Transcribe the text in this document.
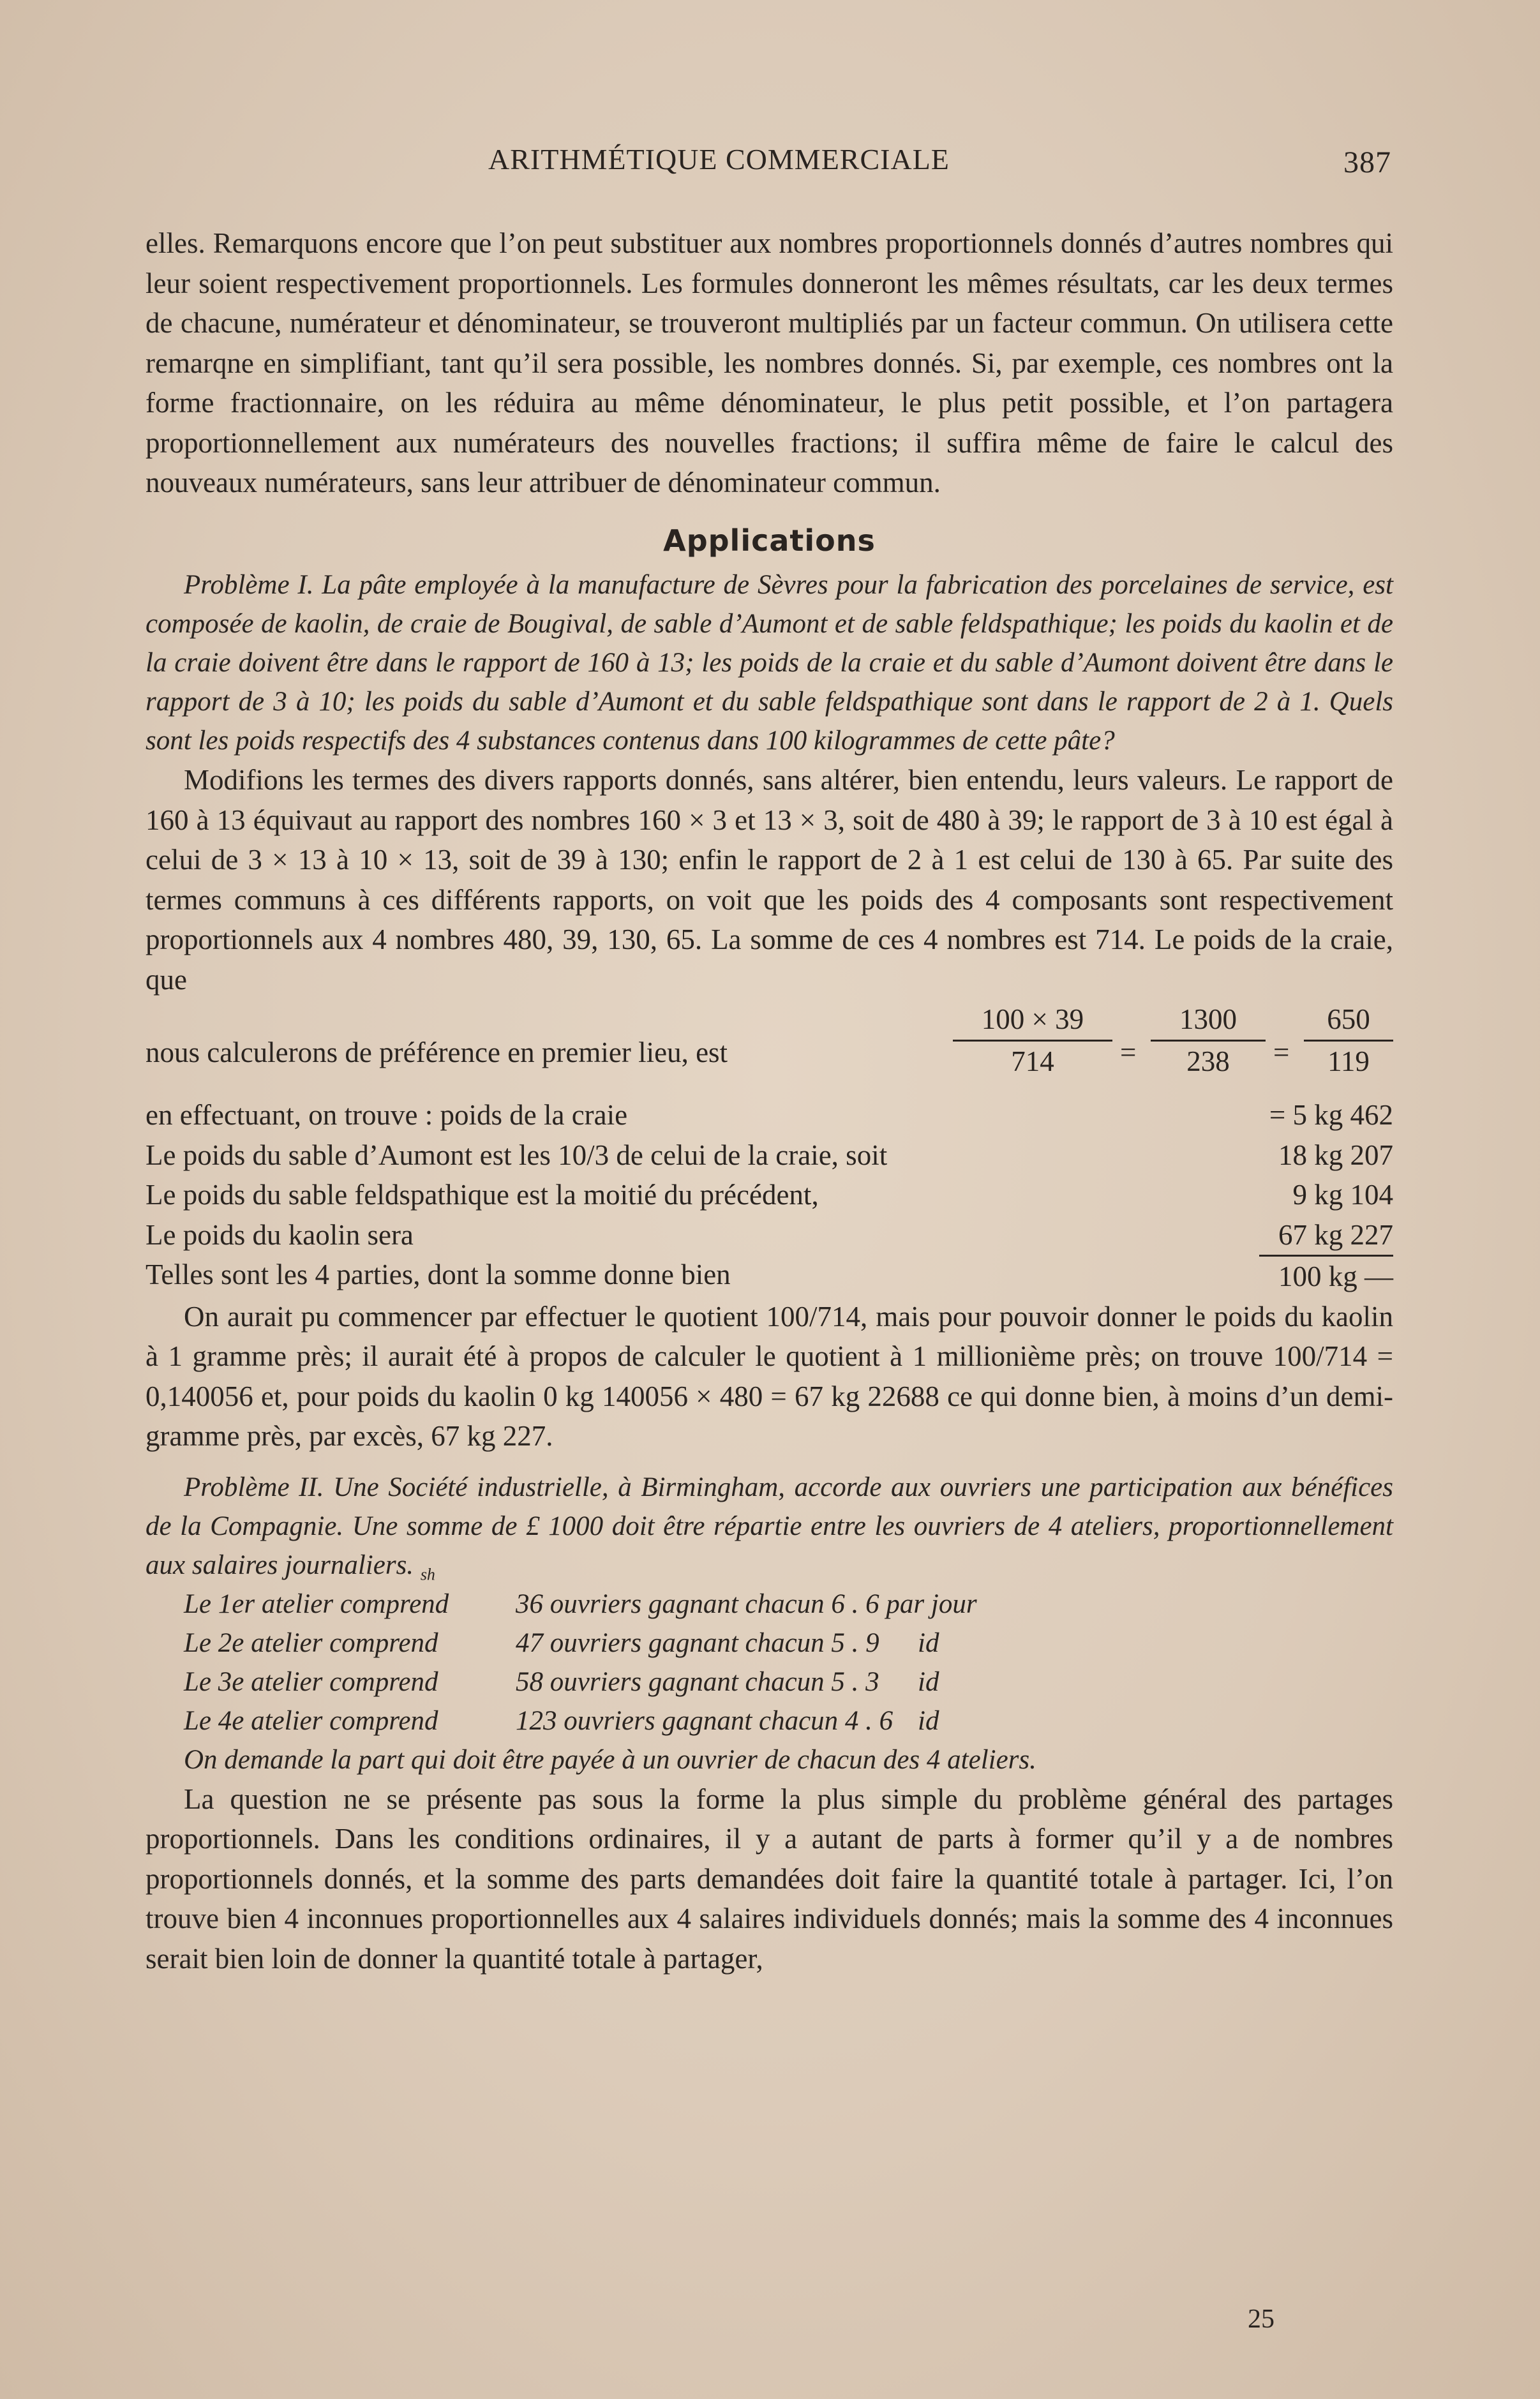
ARITHMÉTIQUE COMMERCIALE	387

elles. Remarquons encore que l’on peut substituer aux nombres proportionnels donnés d’autres nombres qui leur soient respectivement proportionnels. Les formules donneront les mêmes résultats, car les deux termes de chacune, numérateur et dénominateur, se trouveront multipliés par un facteur commun. On utilisera cette remarqne en simplifiant, tant qu’il sera possible, les nombres donnés. Si, par exemple, ces nombres ont la forme fractionnaire, on les réduira au même dénominateur, le plus petit possible, et l’on partagera proportionnellement aux numérateurs des nouvelles fractions; il suffira même de faire le calcul des nouveaux numérateurs, sans leur attribuer de dénominateur commun.

Applications

Problème I. La pâte employée à la manufacture de Sèvres pour la fabrication des porcelaines de service, est composée de kaolin, de craie de Bougival, de sable d’Aumont et de sable feldspathique; les poids du kaolin et de la craie doivent être dans le rapport de 160 à 13; les poids de la craie et du sable d’Aumont doivent être dans le rapport de 3 à 10; les poids du sable d’Aumont et du sable feldspathique sont dans le rapport de 2 à 1. Quels sont les poids respectifs des 4 substances contenus dans 100 kilogrammes de cette pâte?

Modifions les termes des divers rapports donnés, sans altérer, bien entendu, leurs valeurs. Le rapport de 160 à 13 équivaut au rapport des nombres 160 × 3 et 13 × 3, soit de 480 à 39; le rapport de 3 à 10 est égal à celui de 3 × 13 à 10 × 13, soit de 39 à 130; enfin le rapport de 2 à 1 est celui de 130 à 65. Par suite des termes communs à ces différents rapports, on voit que les poids des 4 composants sont respectivement proportionnels aux 4 nombres 480, 39, 130, 65. La somme de ces 4 nombres est 714. Le poids de la craie, que

nous calculerons de préférence en premier lieu, est	$\frac{100 \times 39}{714} = \frac{1300}{238} = \frac{650}{119}$
en effectuant, on trouve : poids de la craie	= 5 kg 462
Le poids du sable d’Aumont est les 10/3 de celui de la craie, soit	18 kg 207
Le poids du sable feldspathique est la moitié du précédent,	9 kg 104
Le poids du kaolin sera	67 kg 227
Telles sont les 4 parties, dont la somme donne bien	100 kg —

On aurait pu commencer par effectuer le quotient 100/714, mais pour pouvoir donner le poids du kaolin à 1 gramme près; il aurait été à propos de calculer le quotient à 1 millionième près; on trouve 100/714 = 0,140056 et, pour poids du kaolin 0 kg 140056 × 480 = 67 kg 22688 ce qui donne bien, à moins d’un demi-gramme près, par excès, 67 kg 227.

Problème II. Une Société industrielle, à Birmingham, accorde aux ouvriers une participation aux bénéfices de la Compagnie. Une somme de £ 1000 doit être répartie entre les ouvriers de 4 ateliers, proportionnellement aux salaires journaliers. $_{sh}$

Le 1er atelier comprend	36 ouvriers gagnant chacun 6 . 6 par jour
Le 2e atelier comprend	47 ouvriers gagnant chacun 5 . 9	id
Le 3e atelier comprend	58 ouvriers gagnant chacun 5 . 3	id
Le 4e atelier comprend	123 ouvriers gagnant chacun 4 . 6 id

On demande la part qui doit être payée à un ouvrier de chacun des 4 ateliers.

La question ne se présente pas sous la forme la plus simple du problème général des partages proportionnels. Dans les conditions ordinaires, il y a autant de parts à former qu’il y a de nombres proportionnels donnés, et la somme des parts demandées doit faire la quantité totale à partager. Ici, l’on trouve bien 4 inconnues proportionnelles aux 4 salaires individuels donnés; mais la somme des 4 inconnues serait bien loin de donner la quantité totale à partager,

25
